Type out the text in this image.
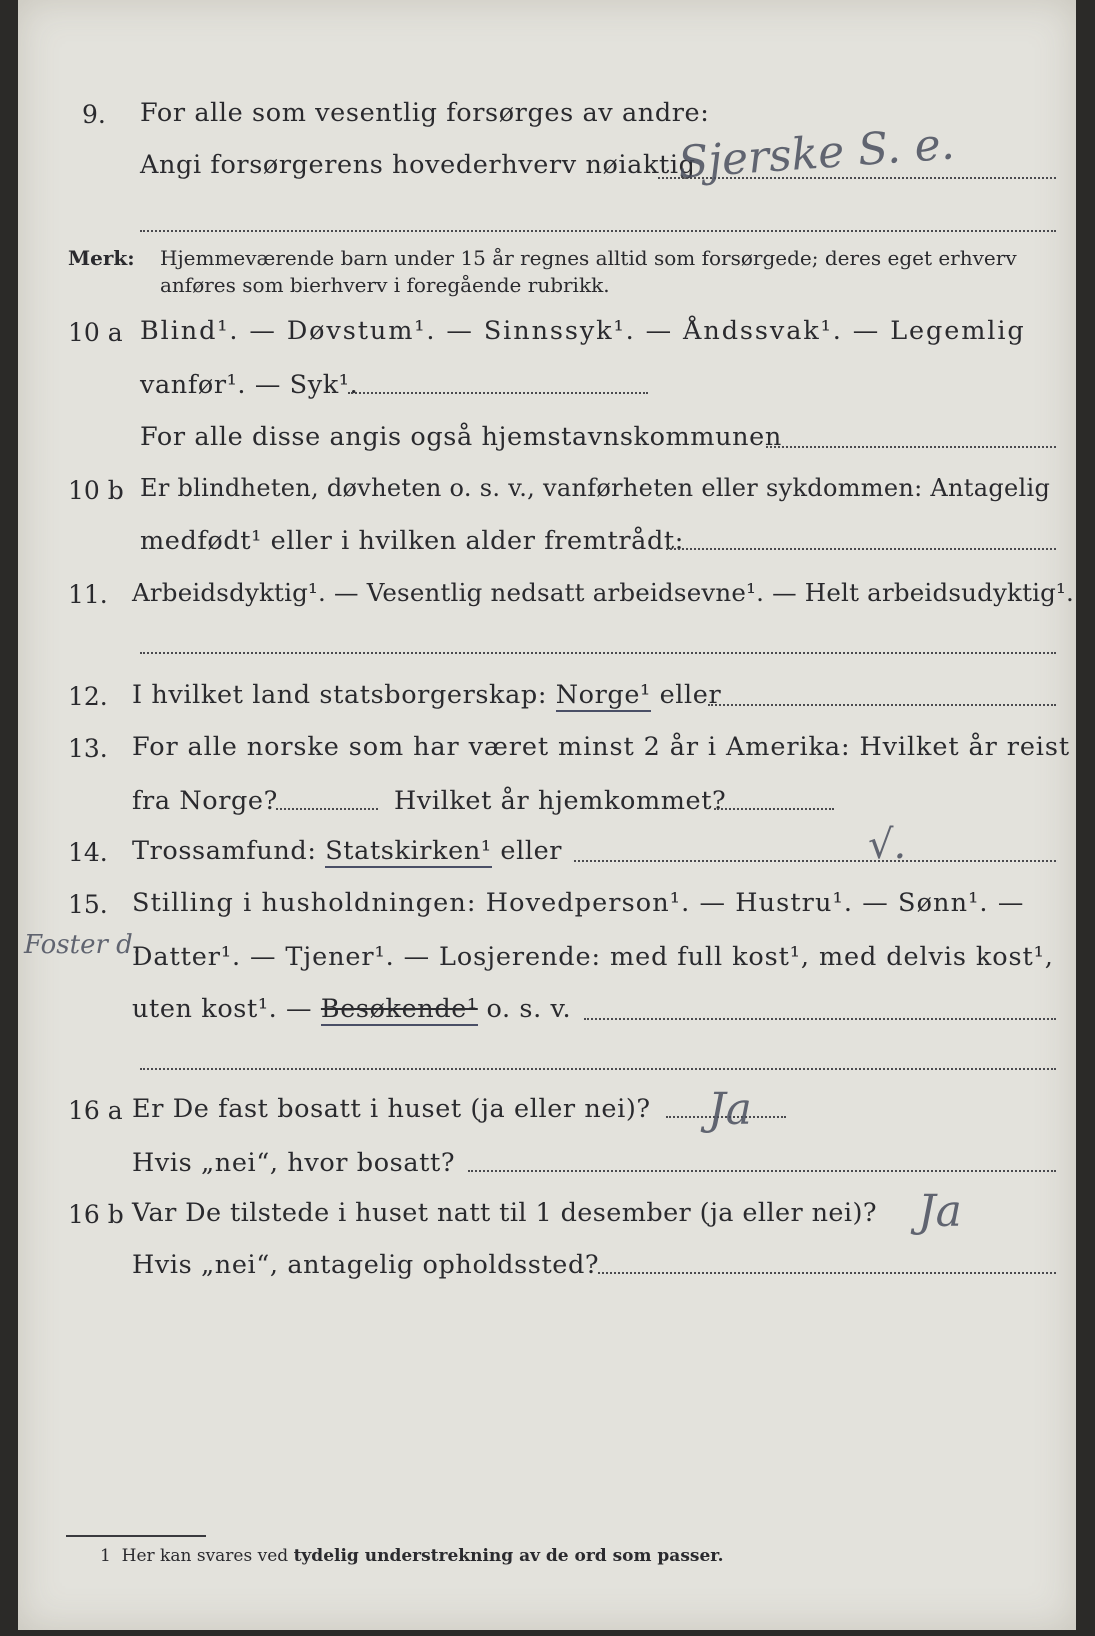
9. For alle som vesentlig forsørges av andre:
Angi forsørgerens hovederhverv nøiaktig
Sjerske S. e.
Merk: Hjemmeværende barn under 15 år regnes alltid som forsørgede; deres eget erhverv
anføres som bierhverv i foregående rubrikk.
10 a Blind¹. — Døvstum¹. — Sinnssyk¹. — Åndssvak¹. — Legemlig
vanfør¹. — Syk¹.
For alle disse angis også hjemstavnskommunen
10 b Er blindheten, døvheten o. s. v., vanførheten eller sykdommen: Antagelig
medfødt¹ eller i hvilken alder fremtrådt:
11. Arbeidsdyktig¹. — Vesentlig nedsatt arbeidsevne¹. — Helt arbeidsudyktig¹.
12. I hvilket land statsborgerskap: Norge¹ eller
13. For alle norske som har været minst 2 år i Amerika: Hvilket år reist
fra Norge?	Hvilket år hjemkommet?
14. Trossamfund: Statskirken¹ eller	√.
15. Stilling i husholdningen: Hovedperson¹. — Hustru¹. — Sønn¹. —
Foster d.
Datter¹. — Tjener¹. — Losjerende: med full kost¹, med delvis kost¹,
uten kost¹. — Besøkende¹ o. s. v.
16 a Er De fast bosatt i huset (ja eller nei)? Ja
Hvis „nei“, hvor bosatt?
16 b Var De tilstede i huset natt til 1 desember (ja eller nei)? Ja
Hvis „nei“, antagelig opholdssted?
1 Her kan svares ved tydelig understrekning av de ord som passer.
